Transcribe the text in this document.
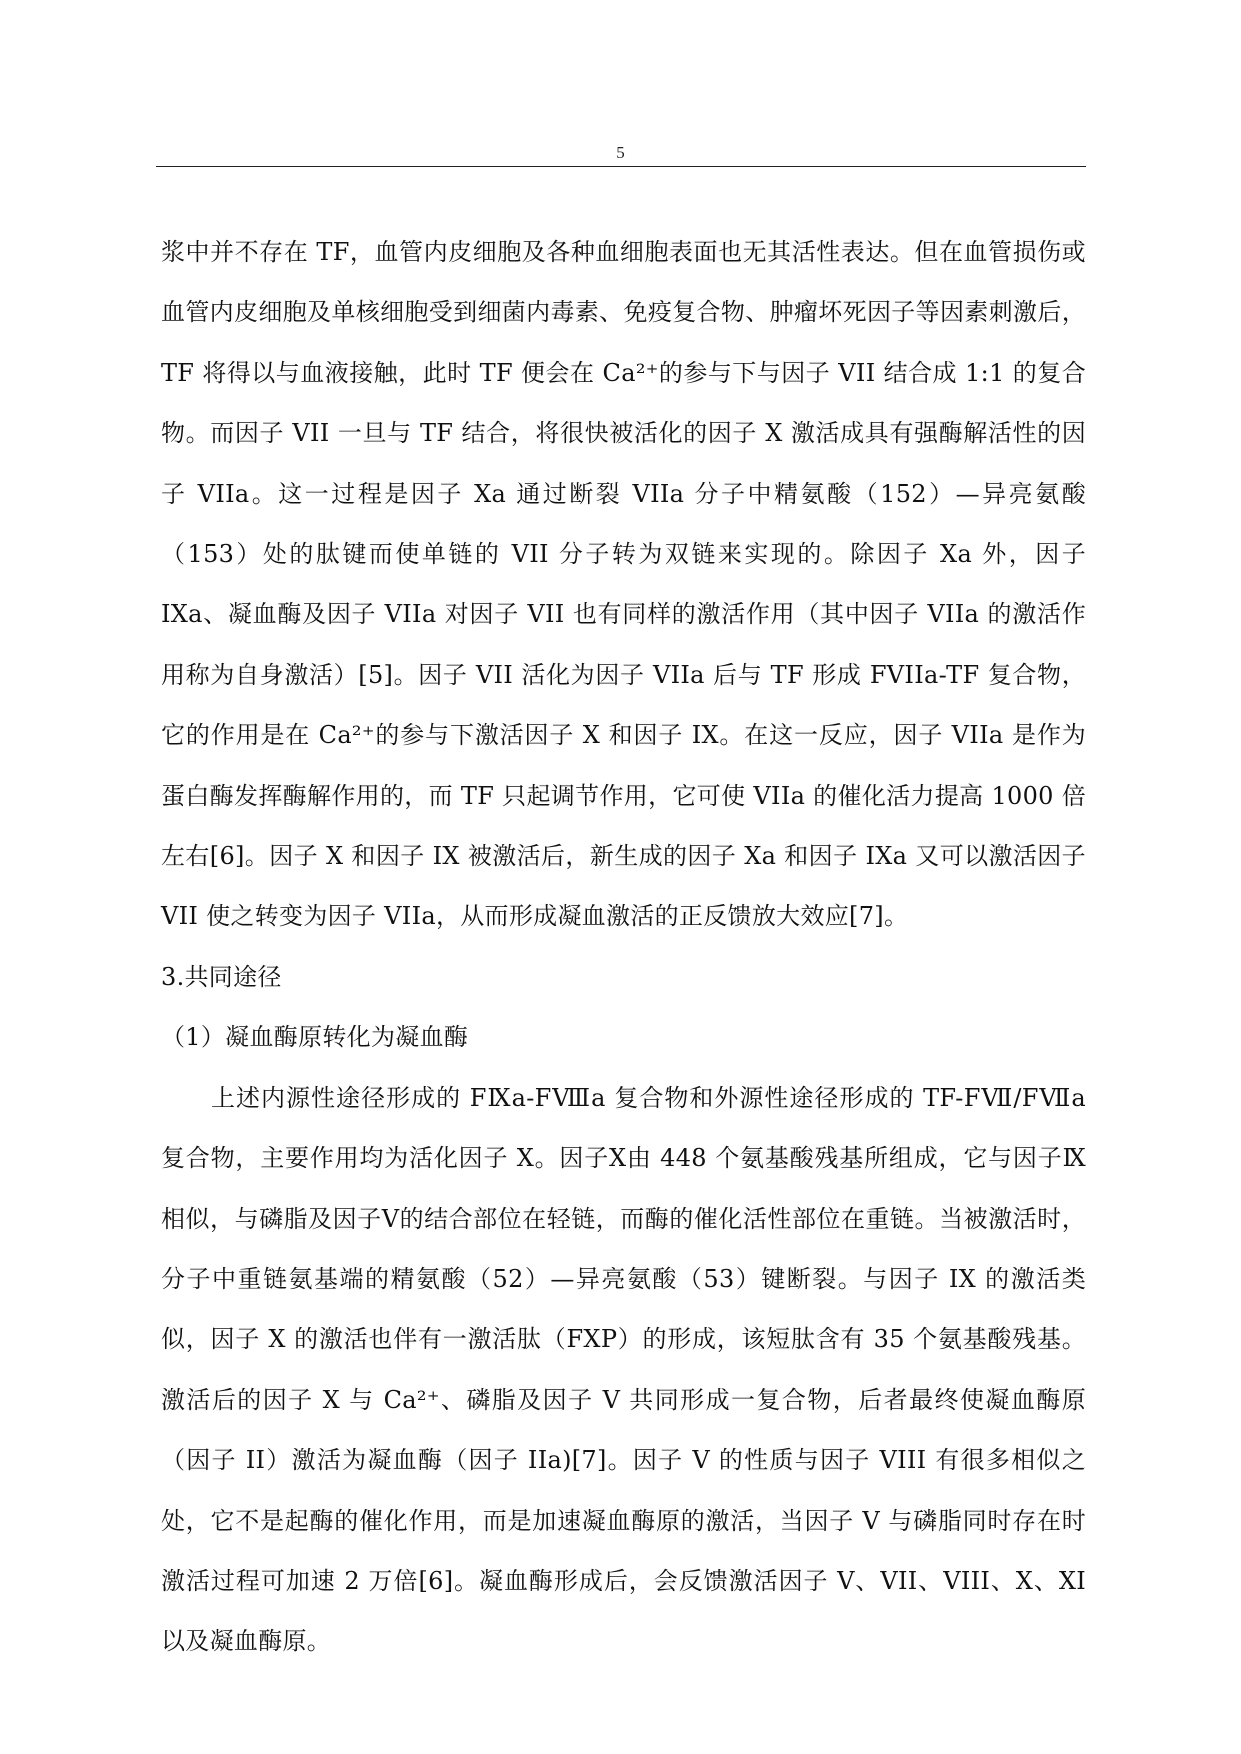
5

浆中并不存在 TF，血管内皮细胞及各种血细胞表面也无其活性表达。但在血管损伤或血管内皮细胞及单核细胞受到细菌内毒素、免疫复合物、肿瘤坏死因子等因素刺激后，TF 将得以与血液接触，此时 TF 便会在 Ca²⁺的参与下与因子 VII 结合成 1:1 的复合物。而因子 VII 一旦与 TF 结合，将很快被活化的因子 X 激活成具有强酶解活性的因子 VIIa。这一过程是因子 Xa 通过断裂 VIIa 分子中精氨酸（152）—异亮氨酸（153）处的肽键而使单链的 VII 分子转为双链来实现的。除因子 Xa 外，因子 IXa、凝血酶及因子 VIIa 对因子 VII 也有同样的激活作用（其中因子 VIIa 的激活作用称为自身激活）[5]。因子 VII 活化为因子 VIIa 后与 TF 形成 FVIIa-TF 复合物，它的作用是在 Ca²⁺的参与下激活因子 X 和因子 IX。在这一反应，因子 VIIa 是作为蛋白酶发挥酶解作用的，而 TF 只起调节作用，它可使 VIIa 的催化活力提高 1000 倍左右[6]。因子 X 和因子 IX 被激活后，新生成的因子 Xa 和因子 IXa 又可以激活因子 VII 使之转变为因子 VIIa，从而形成凝血激活的正反馈放大效应[7]。

3.共同途径

（1）凝血酶原转化为凝血酶

上述内源性途径形成的 FⅨa-FⅧa 复合物和外源性途径形成的 TF-FⅦ/FⅦa 复合物，主要作用均为活化因子 X。因子Ⅹ由 448 个氨基酸残基所组成，它与因子Ⅸ相似，与磷脂及因子Ⅴ的结合部位在轻链，而酶的催化活性部位在重链。当被激活时，分子中重链氨基端的精氨酸（52）—异亮氨酸（53）键断裂。与因子 IX 的激活类似，因子 X 的激活也伴有一激活肽（FXP）的形成，该短肽含有 35 个氨基酸残基。激活后的因子 X 与 Ca²⁺、磷脂及因子 V 共同形成一复合物，后者最终使凝血酶原 （因子 II）激活为凝血酶（因子 IIa)[7]。因子 V 的性质与因子 VIII 有很多相似之处，它不是起酶的催化作用，而是加速凝血酶原的激活，当因子 V 与磷脂同时存在时激活过程可加速 2 万倍[6]。凝血酶形成后，会反馈激活因子 V、VII、VIII、X、XI 以及凝血酶原。
